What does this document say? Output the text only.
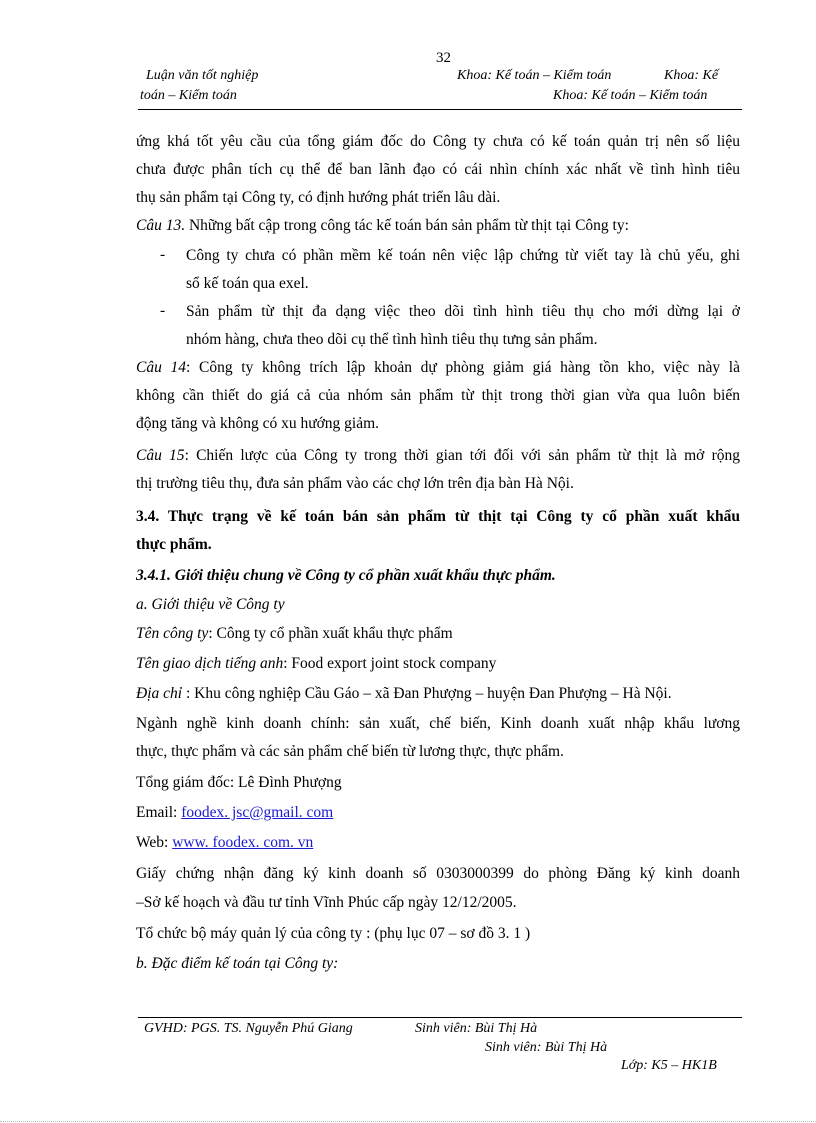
32
Luận văn tốt nghiệp	Khoa: Kế toán – Kiểm toán	Khoa: Kế
toán – Kiểm toán	Khoa: Kế toán – Kiểm toán
ứng khá tốt yêu cầu của tổng giám đốc do Công ty chưa có kế toán quản trị nên số liệu
chưa được phân tích cụ thể để ban lãnh đạo có cái nhìn chính xác nhất về tình hình tiêu
thụ sản phẩm tại Công ty, có định hướng phát triển lâu dài.
Câu 13. Những bất cập trong công tác kế toán bán sản phẩm từ thịt tại Công ty:
- Công ty chưa có phần mềm kế toán nên việc lập chứng từ viết tay là chủ yếu, ghi
sổ kế toán qua exel.
- Sản phẩm từ thịt đa dạng việc theo dõi tình hình tiêu thụ cho mới dừng lại ở
nhóm hàng, chưa theo dõi cụ thể tình hình tiêu thụ tưng sản phẩm.
Câu 14: Công ty không trích lập khoản dự phòng giảm giá hàng tồn kho, việc này là
không cần thiết do giá cả của nhóm sản phẩm từ thịt trong thời gian vừa qua luôn biến
động tăng và không có xu hướng giảm.
Câu 15: Chiến lược của Công ty trong thời gian tới đối với sản phẩm từ thịt là mở rộng
thị trường tiêu thụ, đưa sản phẩm vào các chợ lớn trên địa bàn Hà Nội.
3.4. Thực trạng về kế toán bán sản phẩm từ thịt tại Công ty cổ phần xuất khẩu
thực phẩm.
3.4.1. Giới thiệu chung về Công ty cổ phần xuất khẩu thực phẩm.
a. Giới thiệu về Công ty
Tên công ty: Công ty cổ phần xuất khẩu thực phẩm
Tên giao dịch tiếng anh: Food export joint stock company
Địa chỉ : Khu công nghiệp Cầu Gáo – xã Đan Phượng – huyện Đan Phượng – Hà Nội.
Ngành nghề kinh doanh chính: sản xuất, chế biến, Kinh doanh xuất nhập khẩu lương
thực, thực phẩm và các sản phẩm chế biến từ lương thực, thực phẩm.
Tổng giám đốc: Lê Đình Phượng
Email: foodex. jsc@gmail. com
Web: www. foodex. com. vn
Giấy chứng nhận đăng ký kinh doanh số 0303000399 do phòng Đăng ký kinh doanh
–Sở kế hoạch và đầu tư tỉnh Vĩnh Phúc cấp ngày 12/12/2005.
Tổ chức bộ máy quản lý của công ty : (phụ lục 07 – sơ đồ 3. 1 )
b. Đặc điểm kế toán tại Công ty:
GVHD: PGS. TS. Nguyễn Phú Giang	Sinh viên: Bùi Thị Hà
Sinh viên: Bùi Thị Hà
Lớp: K5 – HK1B
